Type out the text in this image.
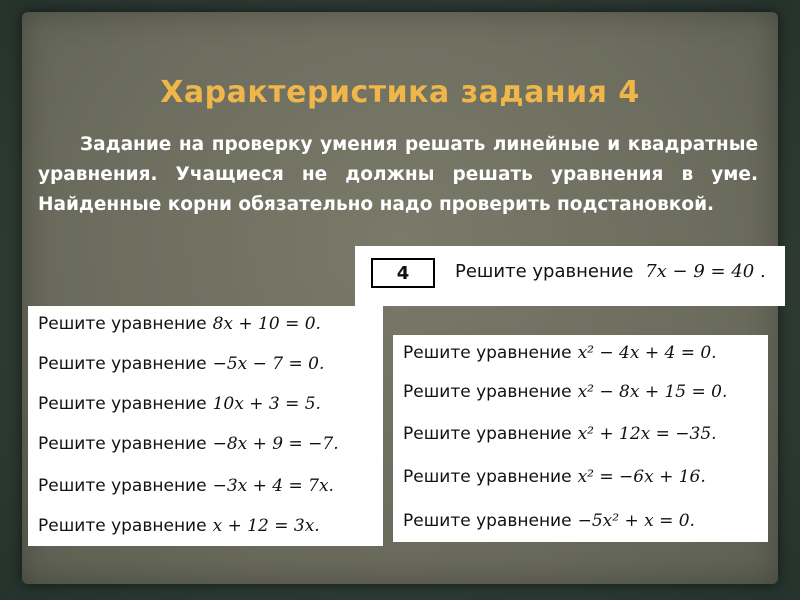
Характеристика задания 4

Задание на проверку умения решать линейные и квадратные уравнения. Учащиеся не должны решать уравнения в уме. Найденные корни обязательно надо проверить подстановкой.

4	Решите уравнение 7x − 9 = 40 .
Решите уравнение 8x + 10 = 0.
Решите уравнение −5x − 7 = 0.
Решите уравнение 10x + 3 = 5.
Решите уравнение −8x + 9 = −7.
Решите уравнение −3x + 4 = 7x.
Решите уравнение x + 12 = 3x.
Решите уравнение x² − 4x + 4 = 0.
Решите уравнение x² − 8x + 15 = 0.
Решите уравнение x² + 12x = −35.
Решите уравнение x² = −6x + 16.
Решите уравнение −5x² + x = 0.
